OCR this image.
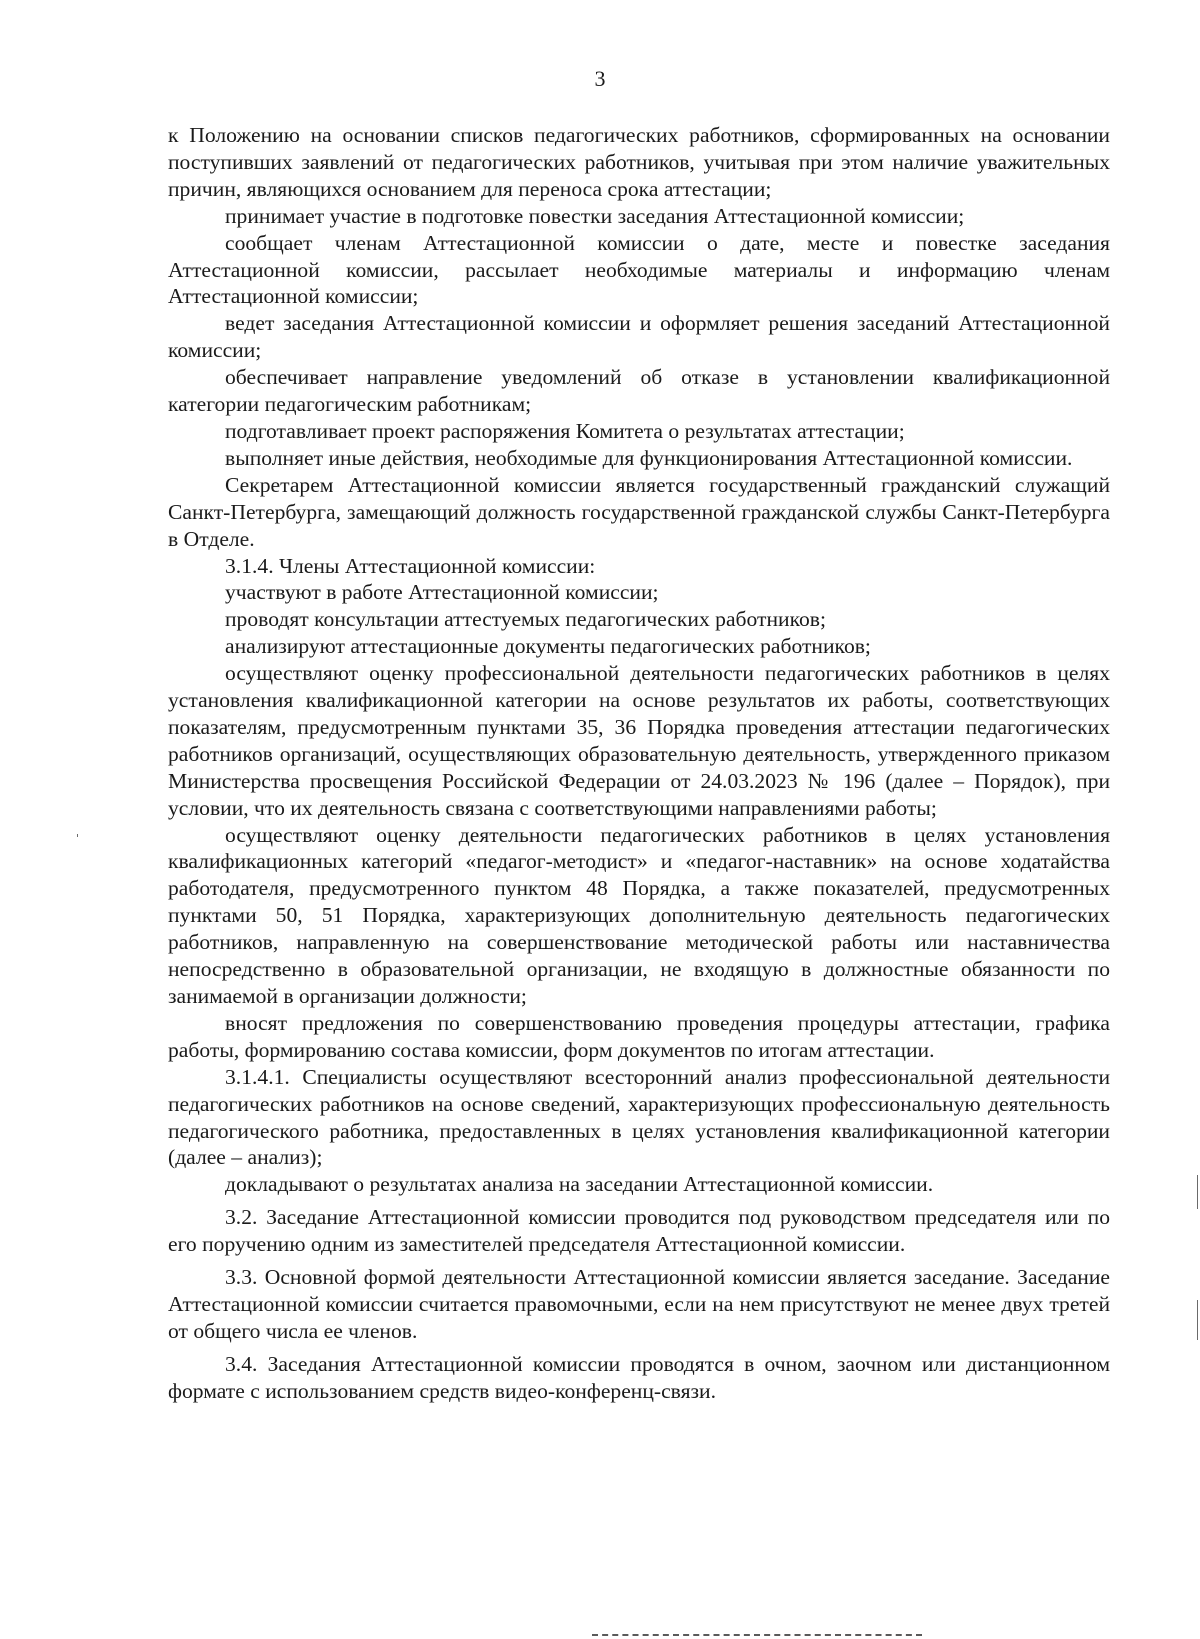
3

к Положению на основании списков педагогических работников, сформированных на основании поступивших заявлений от педагогических работников, учитывая при этом наличие уважительных причин, являющихся основанием для переноса срока аттестации;

принимает участие в подготовке повестки заседания Аттестационной комиссии;

сообщает членам Аттестационной комиссии о дате, месте и повестке заседания Аттестационной комиссии, рассылает необходимые материалы и информацию членам Аттестационной комиссии;

ведет заседания Аттестационной комиссии и оформляет решения заседаний Аттестационной комиссии;

обеспечивает направление уведомлений об отказе в установлении квалификационной категории педагогическим работникам;

подготавливает проект распоряжения Комитета о результатах аттестации;

выполняет иные действия, необходимые для функционирования Аттестационной комиссии.

Секретарем Аттестационной комиссии является государственный гражданский служащий Санкт-Петербурга, замещающий должность государственной гражданской службы Санкт-Петербурга в Отделе.

3.1.4. Члены Аттестационной комиссии:

участвуют в работе Аттестационной комиссии;

проводят консультации аттестуемых педагогических работников;

анализируют аттестационные документы педагогических работников;

осуществляют оценку профессиональной деятельности педагогических работников в целях установления квалификационной категории на основе результатов их работы, соответствующих показателям, предусмотренным пунктами 35, 36 Порядка проведения аттестации педагогических работников организаций, осуществляющих образовательную деятельность, утвержденного приказом Министерства просвещения Российской Федерации от 24.03.2023 № 196 (далее – Порядок), при условии, что их деятельность связана с соответствующими направлениями работы;

осуществляют оценку деятельности педагогических работников в целях установления квалификационных категорий «педагог-методист» и «педагог-наставник» на основе ходатайства работодателя, предусмотренного пунктом 48 Порядка, а также показателей, предусмотренных пунктами 50, 51 Порядка, характеризующих дополнительную деятельность педагогических работников, направленную на совершенствование методической работы или наставничества непосредственно в образовательной организации, не входящую в должностные обязанности по занимаемой в организации должности;

вносят предложения по совершенствованию проведения процедуры аттестации, графика работы, формированию состава комиссии, форм документов по итогам аттестации.

3.1.4.1. Специалисты осуществляют всесторонний анализ профессиональной деятельности педагогических работников на основе сведений, характеризующих профессиональную деятельность педагогического работника, предоставленных в целях установления квалификационной категории (далее – анализ);

докладывают о результатах анализа на заседании Аттестационной комиссии.

3.2. Заседание Аттестационной комиссии проводится под руководством председателя или по его поручению одним из заместителей председателя Аттестационной комиссии.

3.3. Основной формой деятельности Аттестационной комиссии является заседание. Заседание Аттестационной комиссии считается правомочными, если на нем присутствуют не менее двух третей от общего числа ее членов.

3.4. Заседания Аттестационной комиссии проводятся в очном, заочном или дистанционном формате с использованием средств видео-конференц-связи.
